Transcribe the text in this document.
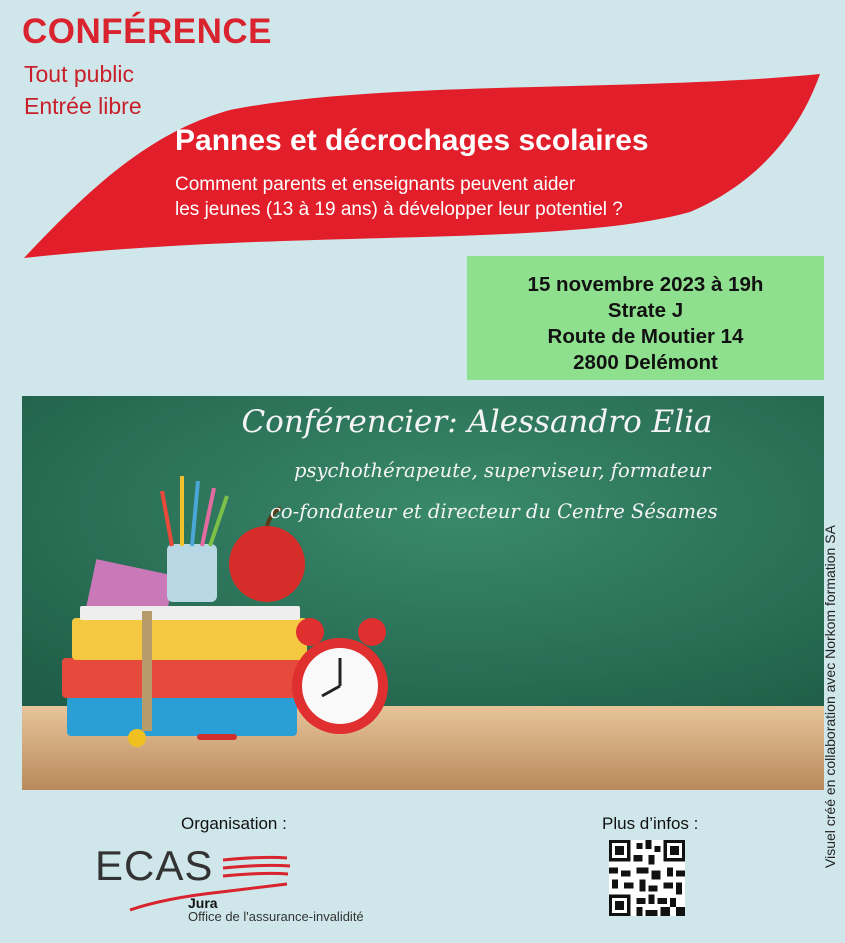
CONFÉRENCE
Tout public
Entrée libre
Pannes et décrochages scolaires
Comment parents et enseignants peuvent aider
les jeunes (13 à 19 ans) à développer leur potentiel ?
15 novembre 2023 à 19h
Strate J
Route de Moutier 14
2800 Delémont
Conférencier: Alessandro Elia
psychothérapeute, superviseur, formateur
co-fondateur et directeur du Centre Sésames
Visuel créé en collaboration avec Norkom formation SA
Organisation :	Plus d’infos :
ECAS
Jura
Office de l'assurance-invalidité
